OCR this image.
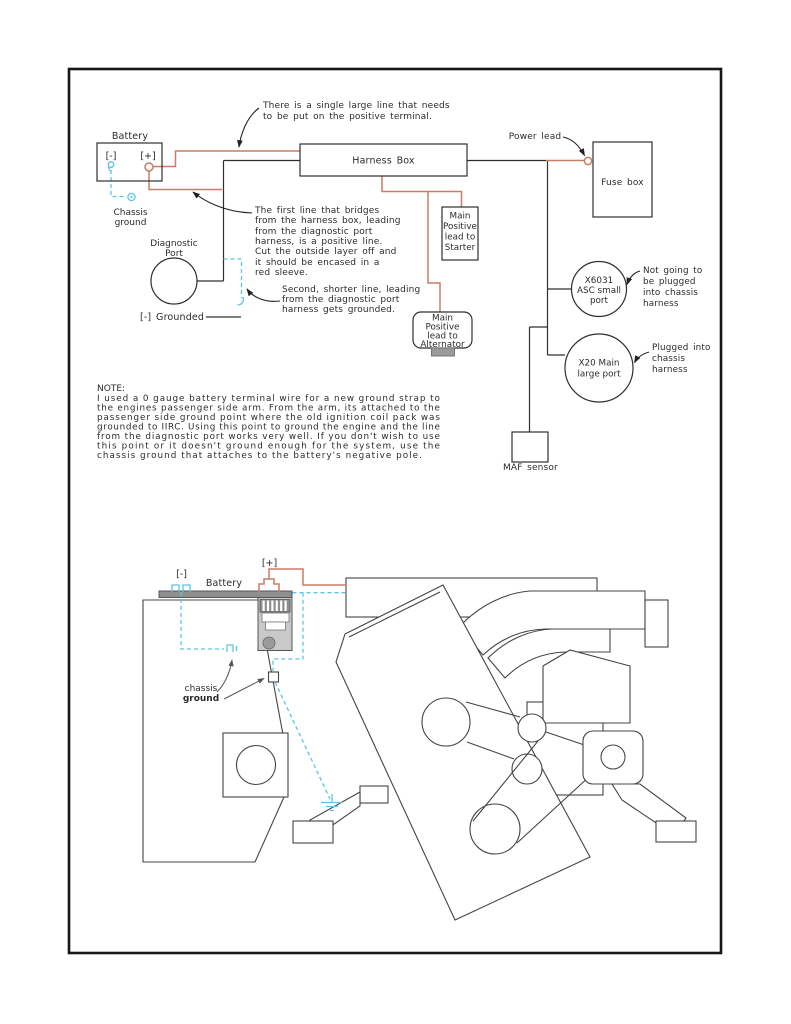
Battery
[-]	[+]
Chassis
ground
There is a single large line that needs
to be put on the positive terminal.
Harness Box
Power lead
Fuse box
Main
Positive
lead to
Starter
Main
Positive
lead to
Alternator
Diagnostic
Port
[-] Grounded
The first line that bridges
from the harness box, leading
from the diagnostic port
harness, is a positive line.
Cut the outside layer off and
it should be encased in a
red sleeve.
Second, shorter line, leading
from the diagnostic port
harness gets grounded.
X6031
ASC small
port
Not going to
be plugged
into chassis
harness
X20 Main
large port
Plugged into
chassis
harness
MAF sensor
NOTE:
I used a 0 gauge battery terminal wire for a new ground strap to
the engines passenger side arm. From the arm, its attached to the
passenger side ground point where the old ignition coil pack was
grounded to IIRC. Using this point to ground the engine and the line
from the diagnostic port works very well. If you don't wish to use
this point or it doesn't ground enough for the system, use the
chassis ground that attaches to the battery's negative pole.
[+]
[-]
Battery
chassis
ground
